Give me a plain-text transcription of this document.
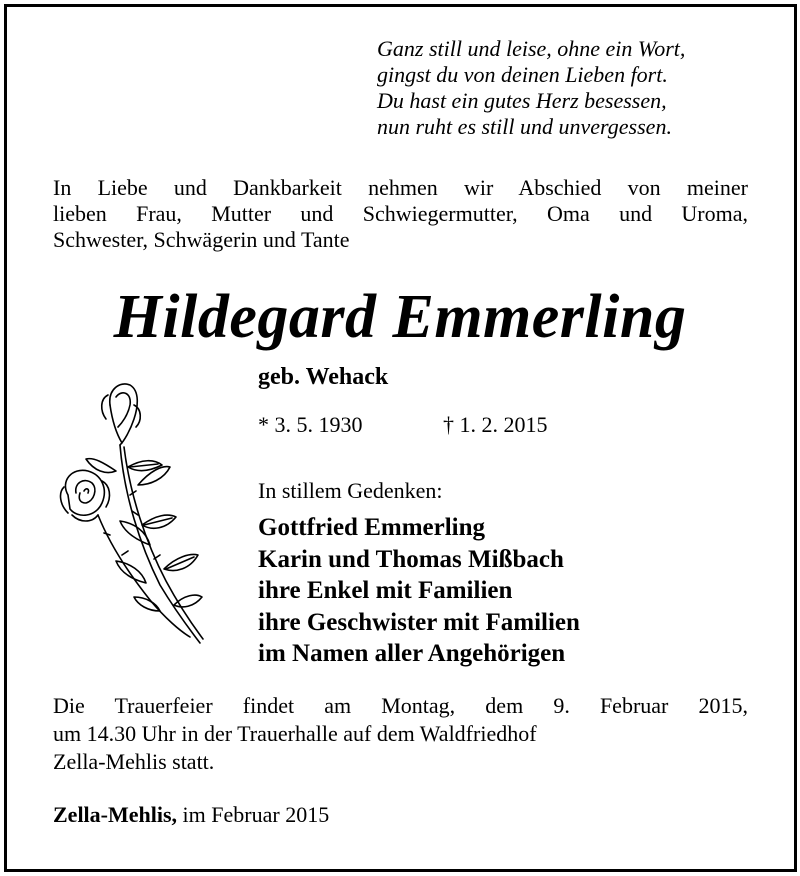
Ganz still und leise, ohne ein Wort,
gingst du von deinen Lieben fort.
Du hast ein gutes Herz besessen,
nun ruht es still und unvergessen.
In Liebe und Dankbarkeit nehmen wir Abschied von meiner
lieben Frau, Mutter und Schwiegermutter, Oma und Uroma,
Schwester, Schwägerin und Tante
Hildegard Emmerling
geb. Wehack
* 3. 5. 1930	† 1. 2. 2015
In stillem Gedenken:
Gottfried Emmerling
Karin und Thomas Mißbach
ihre Enkel mit Familien
ihre Geschwister mit Familien
im Namen aller Angehörigen
Die Trauerfeier findet am Montag, dem 9. Februar 2015,
um 14.30 Uhr in der Trauerhalle auf dem Waldfriedhof
Zella-Mehlis statt.
Zella-Mehlis, im Februar 2015
